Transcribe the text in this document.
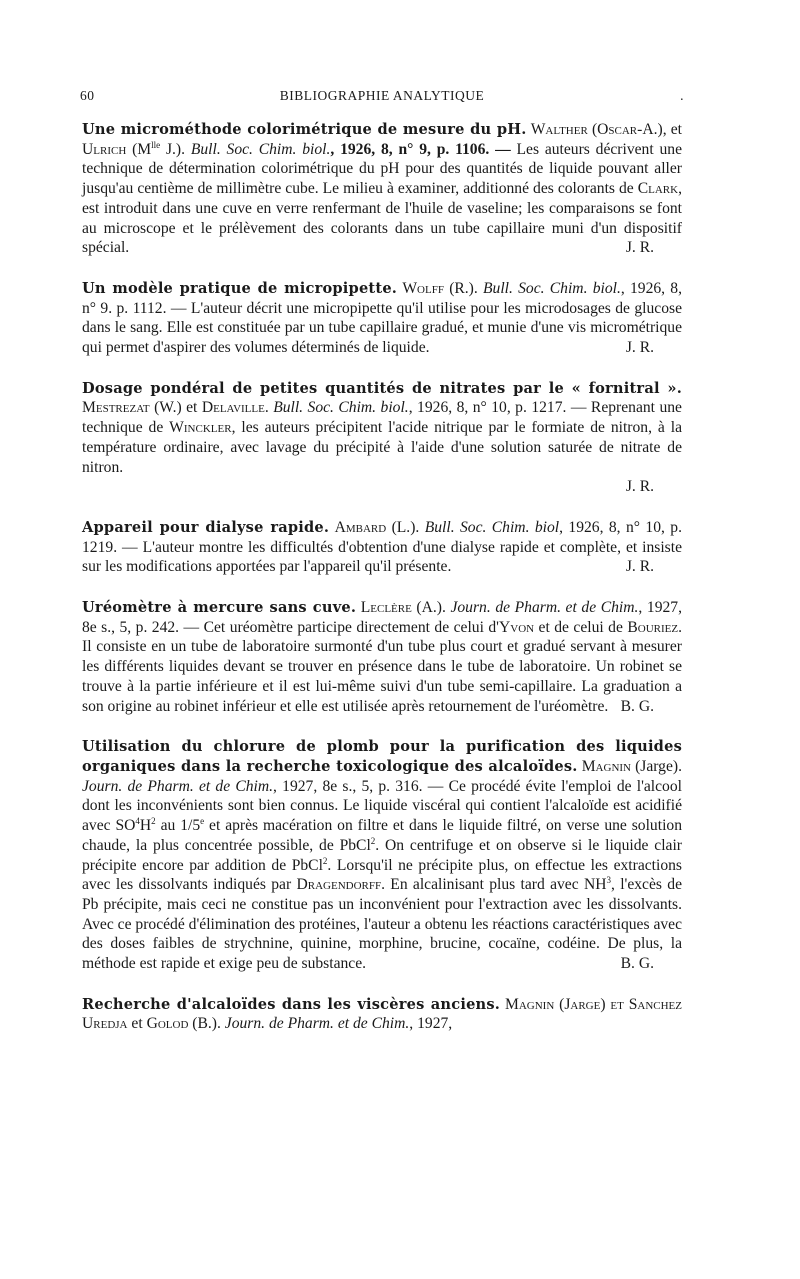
60	BIBLIOGRAPHIE ANALYTIQUE	.

Une microméthode colorimétrique de mesure du pH. Walther (Oscar-A.), et Ulrich ($M^{lle}$ J.). Bull. Soc. Chim. biol., 1926, 8, n° 9, p. 1106. — Les auteurs décrivent une technique de détermination colorimétrique du pH pour des quantités de liquide pouvant aller jusqu'au centième de millimètre cube. Le milieu à examiner, additionné des colorants de Clark, est introduit dans une cuve en verre renfermant de l'huile de vaseline; les comparaisons se font au microscope et le prélèvement des colorants dans un tube capillaire muni d'un dispositif spécial.	J. R.

Un modèle pratique de micropipette. Wolff (R.). Bull. Soc. Chim. biol., 1926, 8, n° 9. p. 1112. — L'auteur décrit une micropipette qu'il utilise pour les microdosages de glucose dans le sang. Elle est constituée par un tube capillaire gradué, et munie d'une vis micrométrique qui permet d'aspirer des volumes déterminés de liquide.	J. R.

Dosage pondéral de petites quantités de nitrates par le « fornitral ». Mestrezat (W.) et Delaville. Bull. Soc. Chim. biol., 1926, 8, n° 10, p. 1217. — Reprenant une technique de Winckler, les auteurs précipitent l'acide nitrique par le formiate de nitron, à la température ordinaire, avec lavage du précipité à l'aide d'une solution saturée de nitrate de nitron.

J. R.

Appareil pour dialyse rapide. Ambard (L.). Bull. Soc. Chim. biol, 1926, 8, n° 10, p. 1219. — L'auteur montre les difficultés d'obtention d'une dialyse rapide et complète, et insiste sur les modifications apportées par l'appareil qu'il présente.	J. R.

Uréomètre à mercure sans cuve. Leclère (A.). Journ. de Pharm. et de Chim., 1927, 8e s., 5, p. 242. — Cet uréomètre participe directement de celui d'Yvon et de celui de Bouriez. Il consiste en un tube de laboratoire surmonté d'un tube plus court et gradué servant à mesurer les différents liquides devant se trouver en présence dans le tube de laboratoire. Un robinet se trouve à la partie inférieure et il est lui-même suivi d'un tube semi-capillaire. La graduation a son origine au robinet inférieur et elle est utilisée après retournement de l'uréomètre. B. G.

Utilisation du chlorure de plomb pour la purification des liquides organiques dans la recherche toxicologique des alcaloïdes. Magnin (Jarge). Journ. de Pharm. et de Chim., 1927, 8e s., 5, p. 316. — Ce procédé évite l'emploi de l'alcool dont les inconvénients sont bien connus. Le liquide viscéral qui contient l'alcaloïde est acidifié avec $SO^4H^2$ au 1/5e et après macération on filtre et dans le liquide filtré, on verse une solution chaude, la plus concentrée possible, de PbCl$^2$. On centrifuge et on observe si le liquide clair précipite encore par addition de PbCl$^2$. Lorsqu'il ne précipite plus, on effectue les extractions avec les dissolvants indiqués par Dragendorff. En alcalinisant plus tard avec $NH^3$, l'excès de Pb précipite, mais ceci ne constitue pas un inconvénient pour l'extraction avec les dissolvants. Avec ce procédé d'élimination des protéines, l'auteur a obtenu les réactions caractéristiques avec des doses faibles de strychnine, quinine, morphine, brucine, cocaïne, codéine. De plus, la méthode est rapide et exige peu de substance.	B. G.

Recherche d'alcaloïdes dans les viscères anciens. Magnin (Jarge) et Sanchez Uredja et Golod (B.). Journ. de Pharm. et de Chim., 1927,
